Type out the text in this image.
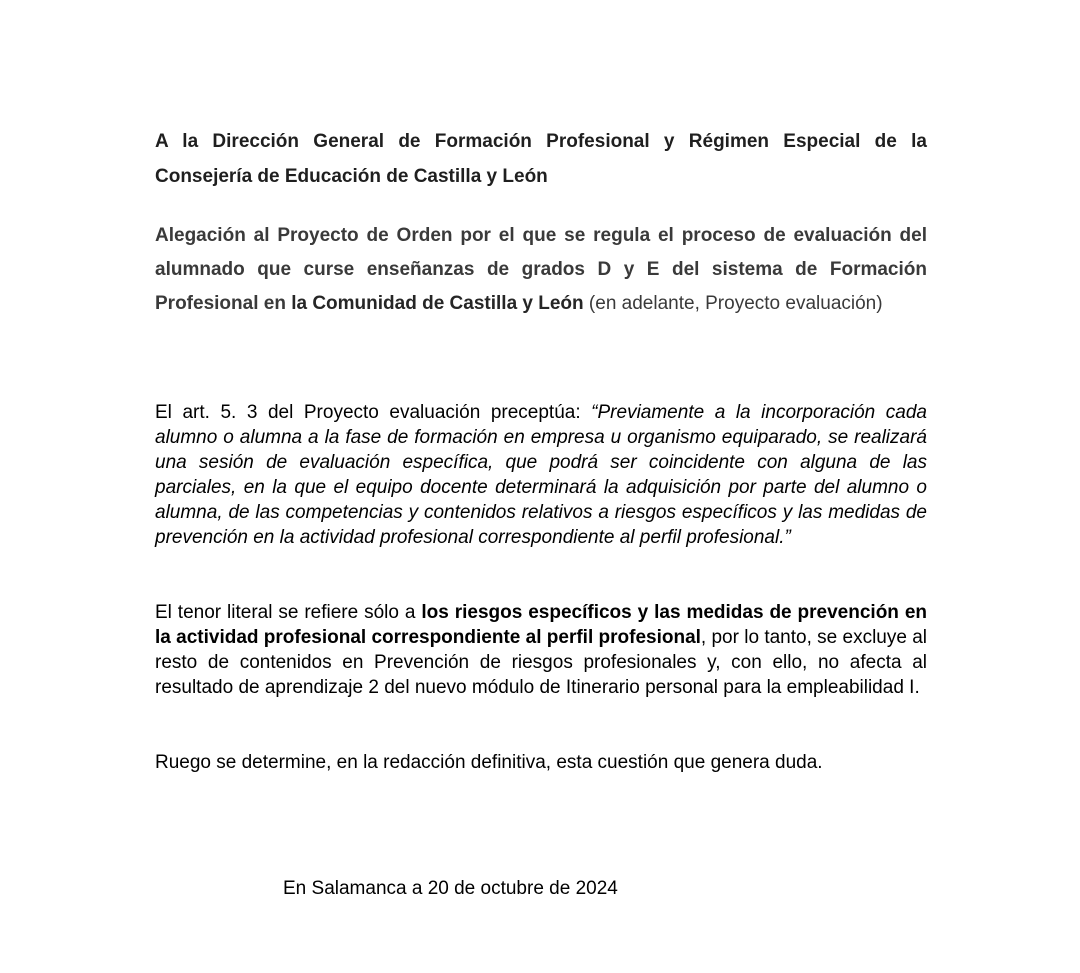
A la Dirección General de Formación Profesional y Régimen Especial de la Consejería de Educación de Castilla y León
Alegación al Proyecto de Orden por el que se regula el proceso de evaluación del alumnado que curse enseñanzas de grados D y E del sistema de Formación Profesional en la Comunidad de Castilla y León (en adelante, Proyecto evaluación)
El art. 5. 3 del Proyecto evaluación preceptúa: “Previamente a la incorporación cada alumno o alumna a la fase de formación en empresa u organismo equiparado, se realizará una sesión de evaluación específica, que podrá ser coincidente con alguna de las parciales, en la que el equipo docente determinará la adquisición por parte del alumno o alumna, de las competencias y contenidos relativos a riesgos específicos y las medidas de prevención en la actividad profesional correspondiente al perfil profesional.”
El tenor literal se refiere sólo a los riesgos específicos y las medidas de prevención en la actividad profesional correspondiente al perfil profesional, por lo tanto, se excluye al resto de contenidos en Prevención de riesgos profesionales y, con ello, no afecta al resultado de aprendizaje 2 del nuevo módulo de Itinerario personal para la empleabilidad I.
Ruego se determine, en la redacción definitiva, esta cuestión que genera duda.
En Salamanca a 20 de octubre de 2024
